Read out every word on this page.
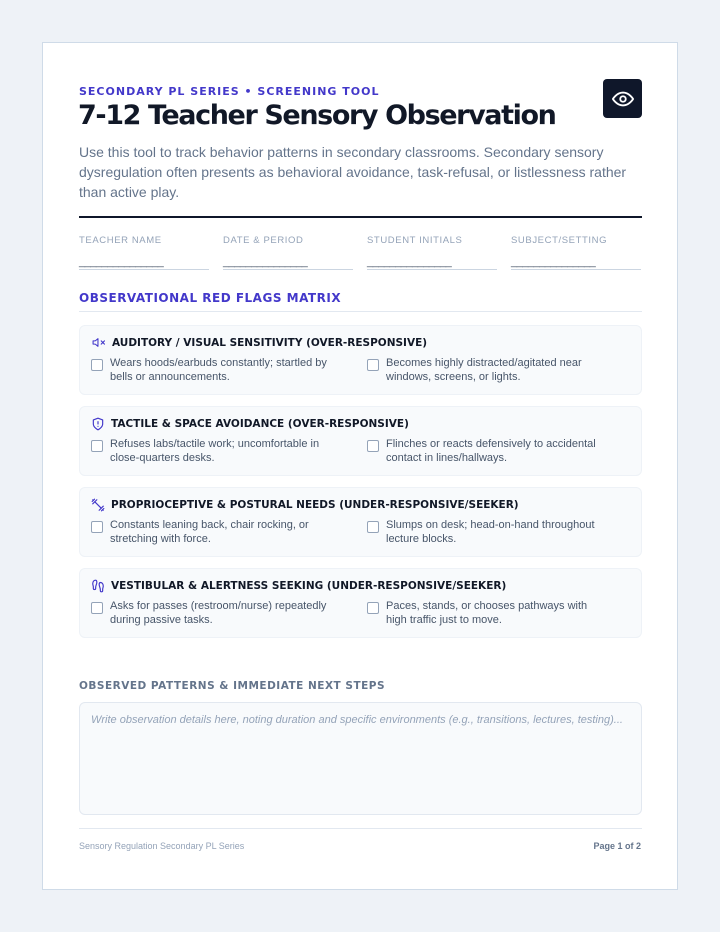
SECONDARY PL SERIES • SCREENING TOOL
7-12 Teacher Sensory Observation

Use this tool to track behavior patterns in secondary classrooms. Secondary sensory dysregulation often presents as behavioral avoidance, task-refusal, or listlessness rather than active play.

TEACHER NAME
_______________
DATE & PERIOD
_______________
STUDENT INITIALS
_______________
SUBJECT/SETTING
_______________
OBSERVATIONAL RED FLAGS MATRIX
AUDITORY / VISUAL SENSITIVITY (OVER-RESPONSIVE)
Wears hoods/earbuds constantly; startled by bells or announcements.
Becomes highly distracted/agitated near windows, screens, or lights.
TACTILE & SPACE AVOIDANCE (OVER-RESPONSIVE)
Refuses labs/tactile work; uncomfortable in close-quarters desks.
Flinches or reacts defensively to accidental contact in lines/hallways.
PROPRIOCEPTIVE & POSTURAL NEEDS (UNDER-RESPONSIVE/SEEKER)
Constants leaning back, chair rocking, or stretching with force.
Slumps on desk; head-on-hand throughout lecture blocks.
VESTIBULAR & ALERTNESS SEEKING (UNDER-RESPONSIVE/SEEKER)
Asks for passes (restroom/nurse) repeatedly during passive tasks.
Paces, stands, or chooses pathways with high traffic just to move.
OBSERVED PATTERNS & IMMEDIATE NEXT STEPS
Write observation details here, noting duration and specific environments (e.g., transitions, lectures, testing)...
Sensory Regulation Secondary PL Series	Page 1 of 2
